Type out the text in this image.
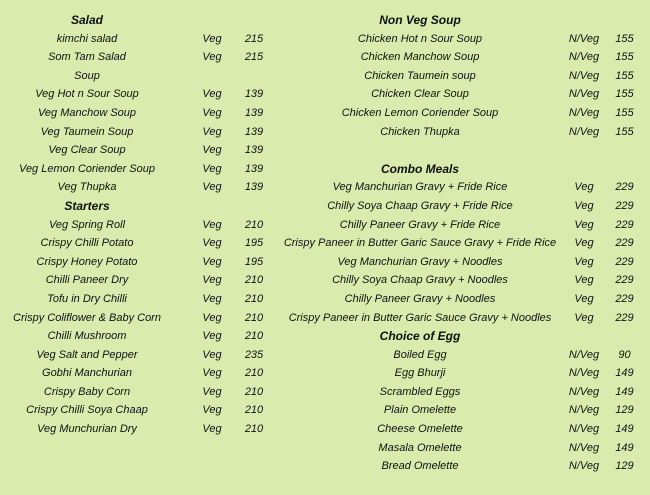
Salad
kimchi salad	Veg	215
Som Tam Salad	Veg	215
Soup
Veg Hot n Sour Soup	Veg	139
Veg Manchow Soup	Veg	139
Veg Taumein Soup	Veg	139
Veg Clear Soup	Veg	139
Veg Lemon Coriender Soup	Veg	139
Veg Thupka	Veg	139
Starters
Veg Spring Roll	Veg	210
Crispy Chilli Potato	Veg	195
Crispy Honey Potato	Veg	195
Chilli Paneer Dry	Veg	210
Tofu in Dry Chilli	Veg	210
Crispy Coliflower & Baby Corn	Veg	210
Chilli Mushroom	Veg	210
Veg Salt and Pepper	Veg	235
Gobhi Manchurian	Veg	210
Crispy Baby Corn	Veg	210
Crispy Chilli Soya Chaap	Veg	210
Veg Munchurian Dry	Veg	210
Non Veg Soup
Chicken Hot n Sour Soup	N/Veg	155
Chicken Manchow Soup	N/Veg	155
Chicken Taumein soup	N/Veg	155
Chicken Clear Soup	N/Veg	155
Chicken Lemon Coriender Soup	N/Veg	155
Chicken Thupka	N/Veg	155
Combo Meals
Veg Manchurian Gravy + Fride Rice	Veg	229
Chilly Soya Chaap Gravy + Fride Rice	Veg	229
Chilly Paneer Gravy + Fride Rice	Veg	229
Crispy Paneer in Butter Garic Sauce Gravy + Fride Rice	Veg	229
Veg Manchurian Gravy + Noodles	Veg	229
Chilly Soya Chaap Gravy + Noodles	Veg	229
Chilly Paneer Gravy + Noodles	Veg	229
Crispy Paneer in Butter Garic Sauce Gravy + Noodles	Veg	229
Choice of Egg
Boiled Egg	N/Veg	90
Egg Bhurji	N/Veg	149
Scrambled Eggs	N/Veg	149
Plain Omelette	N/Veg	129
Cheese Omelette	N/Veg	149
Masala Omelette	N/Veg	149
Bread Omelette	N/Veg	129
